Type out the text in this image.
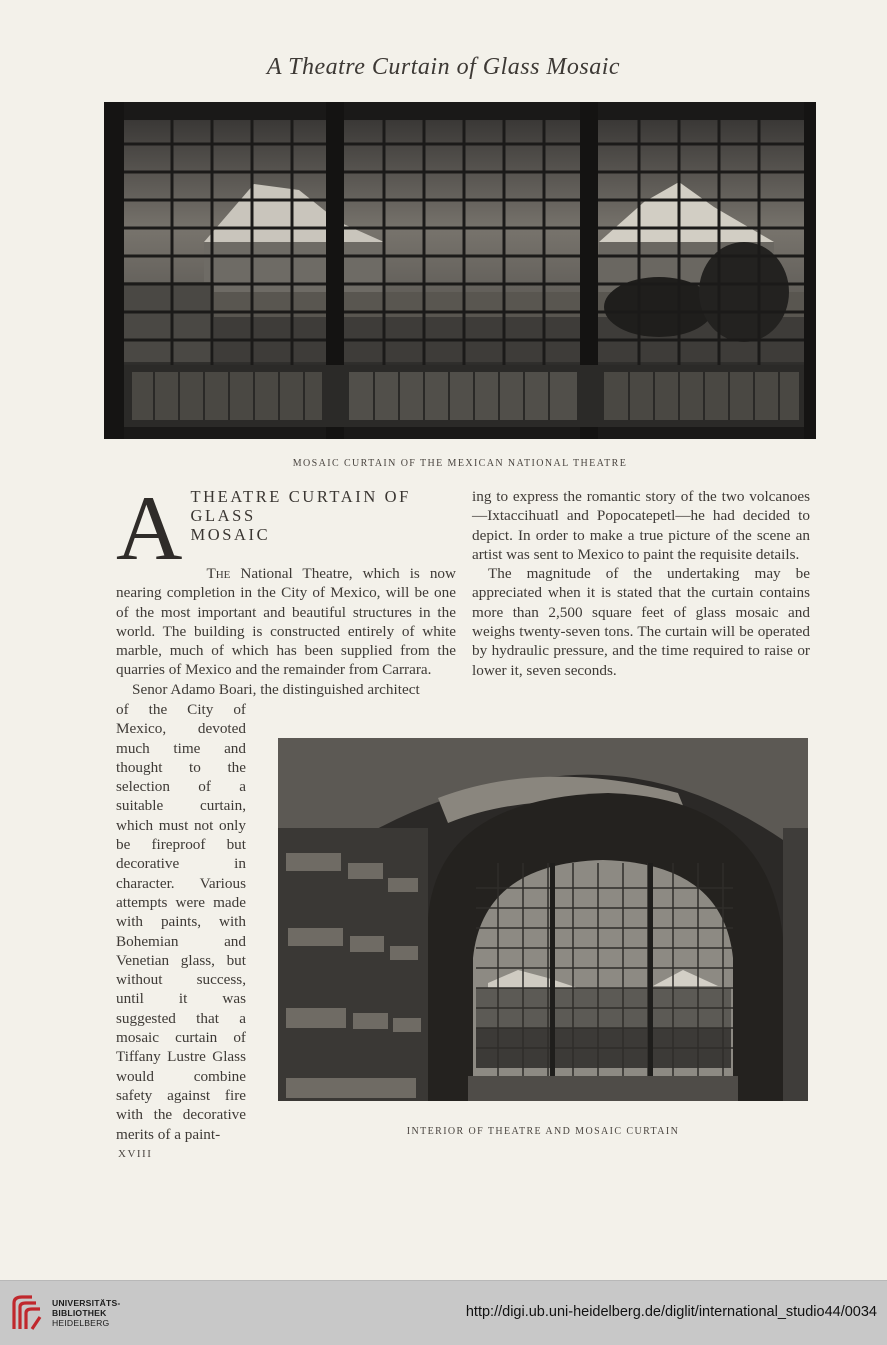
A Theatre Curtain of Glass Mosaic
MOSAIC CURTAIN OF THE MEXICAN NATIONAL THEATRE
A THEATRE CURTAIN OF GLASS
MOSAIC

The National Theatre, which is now nearing completion in the City of Mexico, will be one of the most important and beautiful structures in the world. The building is constructed entirely of white marble, much of which has been supplied from the quarries of Mexico and the remainder from Carrara.

Senor Adamo Boari, the distinguished architect

of the City of Mexico, devoted much time and thought to the selection of a suitable curtain, which must not only be fireproof but decorative in character. Various attempts were made with paints, with Bohemian and Venetian glass, but without success, until it was suggested that a mosaic curtain of Tiffany Lustre Glass would combine safety against fire with the decorative merits of a paint-

ing to express the romantic story of the two volcanoes—Ixtaccihuatl and Popocatepetl—he had decided to depict. In order to make a true picture of the scene an artist was sent to Mexico to paint the requisite details.

The magnitude of the undertaking may be appreciated when it is stated that the curtain contains more than 2,500 square feet of glass mosaic and weighs twenty-seven tons. The curtain will be operated by hydraulic pressure, and the time required to raise or lower it, seven seconds.

INTERIOR OF THEATRE AND MOSAIC CURTAIN
XVIII
UNIVERSITÄTS-
BIBLIOTHEK
HEIDELBERG
http://digi.ub.uni-heidelberg.de/diglit/international_studio44/0034
